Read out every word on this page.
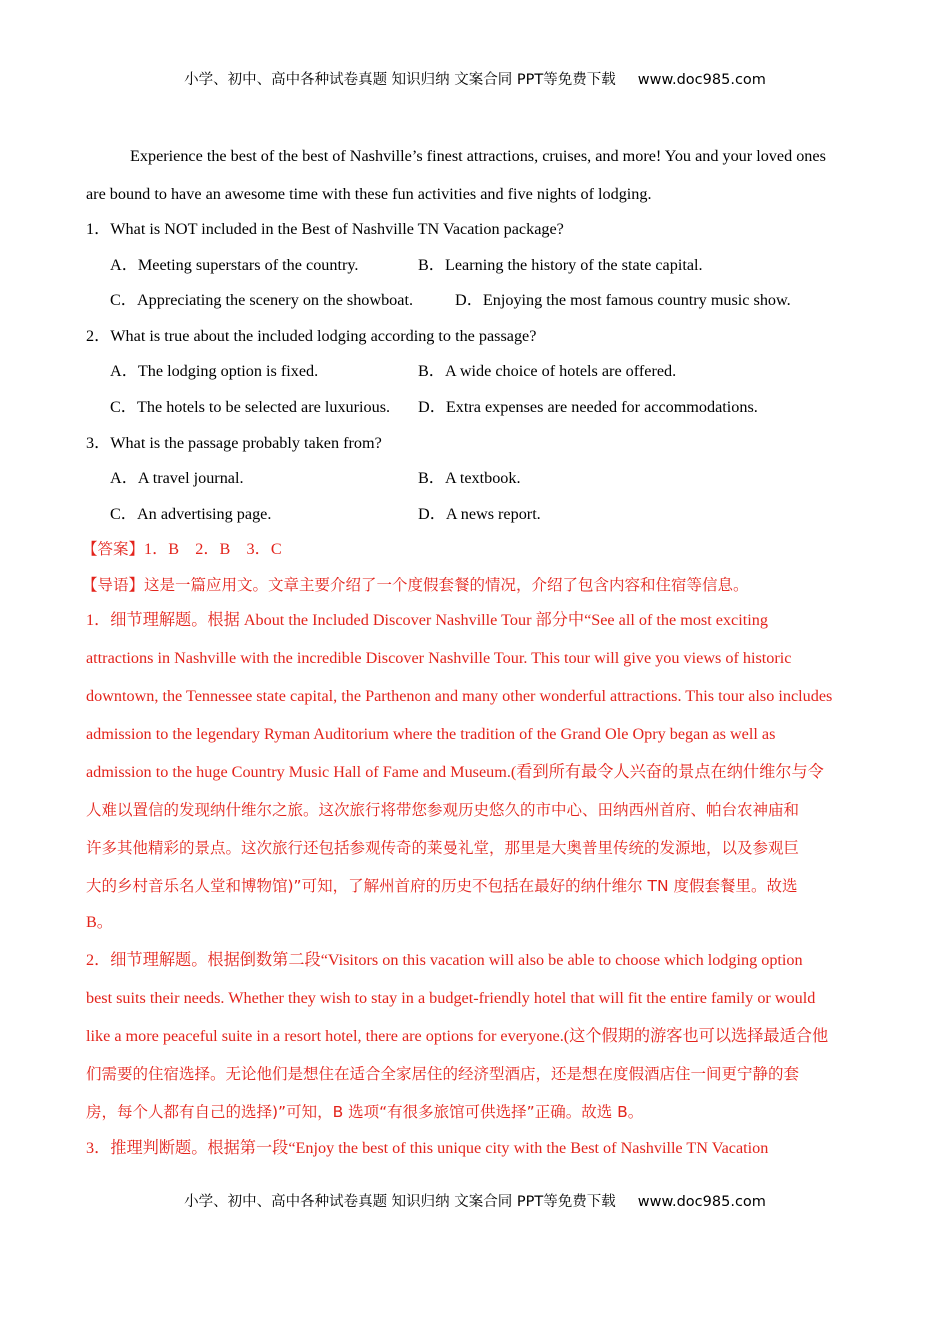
小学、初中、高中各种试卷真题 知识归纳 文案合同 PPT等免费下载 www.doc985.com
Experience the best of the best of Nashville’s finest attractions, cruises, and more! You and your loved ones
are bound to have an awesome time with these fun activities and five nights of lodging.
1．What is NOT included in the Best of Nashville TN Vacation package?
A．Meeting superstars of the country.	B．Learning the history of the state capital.
C．Appreciating the scenery on the showboat.	D．Enjoying the most famous country music show.
2．What is true about the included lodging according to the passage?
A．The lodging option is fixed.	B．A wide choice of hotels are offered.
C．The hotels to be selected are luxurious. D．Extra expenses are needed for accommodations.
3．What is the passage probably taken from?
A．A travel journal.	B．A textbook.
C．An advertising page.	D．A news report.
【答案】1．B　2．B　3．C
【导语】这是一篇应用文。文章主要介绍了一个度假套餐的情况，介绍了包含内容和住宿等信息。
1．细节理解题。根据 About the Included Discover Nashville Tour 部分中“See all of the most exciting
attractions in Nashville with the incredible Discover Nashville Tour. This tour will give you views of historic
downtown, the Tennessee state capital, the Parthenon and many other wonderful attractions. This tour also includes
admission to the legendary Ryman Auditorium where the tradition of the Grand Ole Opry began as well as
admission to the huge Country Music Hall of Fame and Museum.(看到所有最令人兴奋的景点在纳什维尔与令
人难以置信的发现纳什维尔之旅。这次旅行将带您参观历史悠久的市中心、田纳西州首府、帕台农神庙和
许多其他精彩的景点。这次旅行还包括参观传奇的莱曼礼堂，那里是大奥普里传统的发源地，以及参观巨
大的乡村音乐名人堂和博物馆)”可知，了解州首府的历史不包括在最好的纳什维尔 TN 度假套餐里。故选
B。
2．细节理解题。根据倒数第二段“Visitors on this vacation will also be able to choose which lodging option
best suits their needs. Whether they wish to stay in a budget-friendly hotel that will fit the entire family or would
like a more peaceful suite in a resort hotel, there are options for everyone.(这个假期的游客也可以选择最适合他
们需要的住宿选择。无论他们是想住在适合全家居住的经济型酒店，还是想在度假酒店住一间更宁静的套
房，每个人都有自己的选择)”可知，B 选项“有很多旅馆可供选择”正确。故选 B。
3．推理判断题。根据第一段“Enjoy the best of this unique city with the Best of Nashville TN Vacation
小学、初中、高中各种试卷真题 知识归纳 文案合同 PPT等免费下载 www.doc985.com
